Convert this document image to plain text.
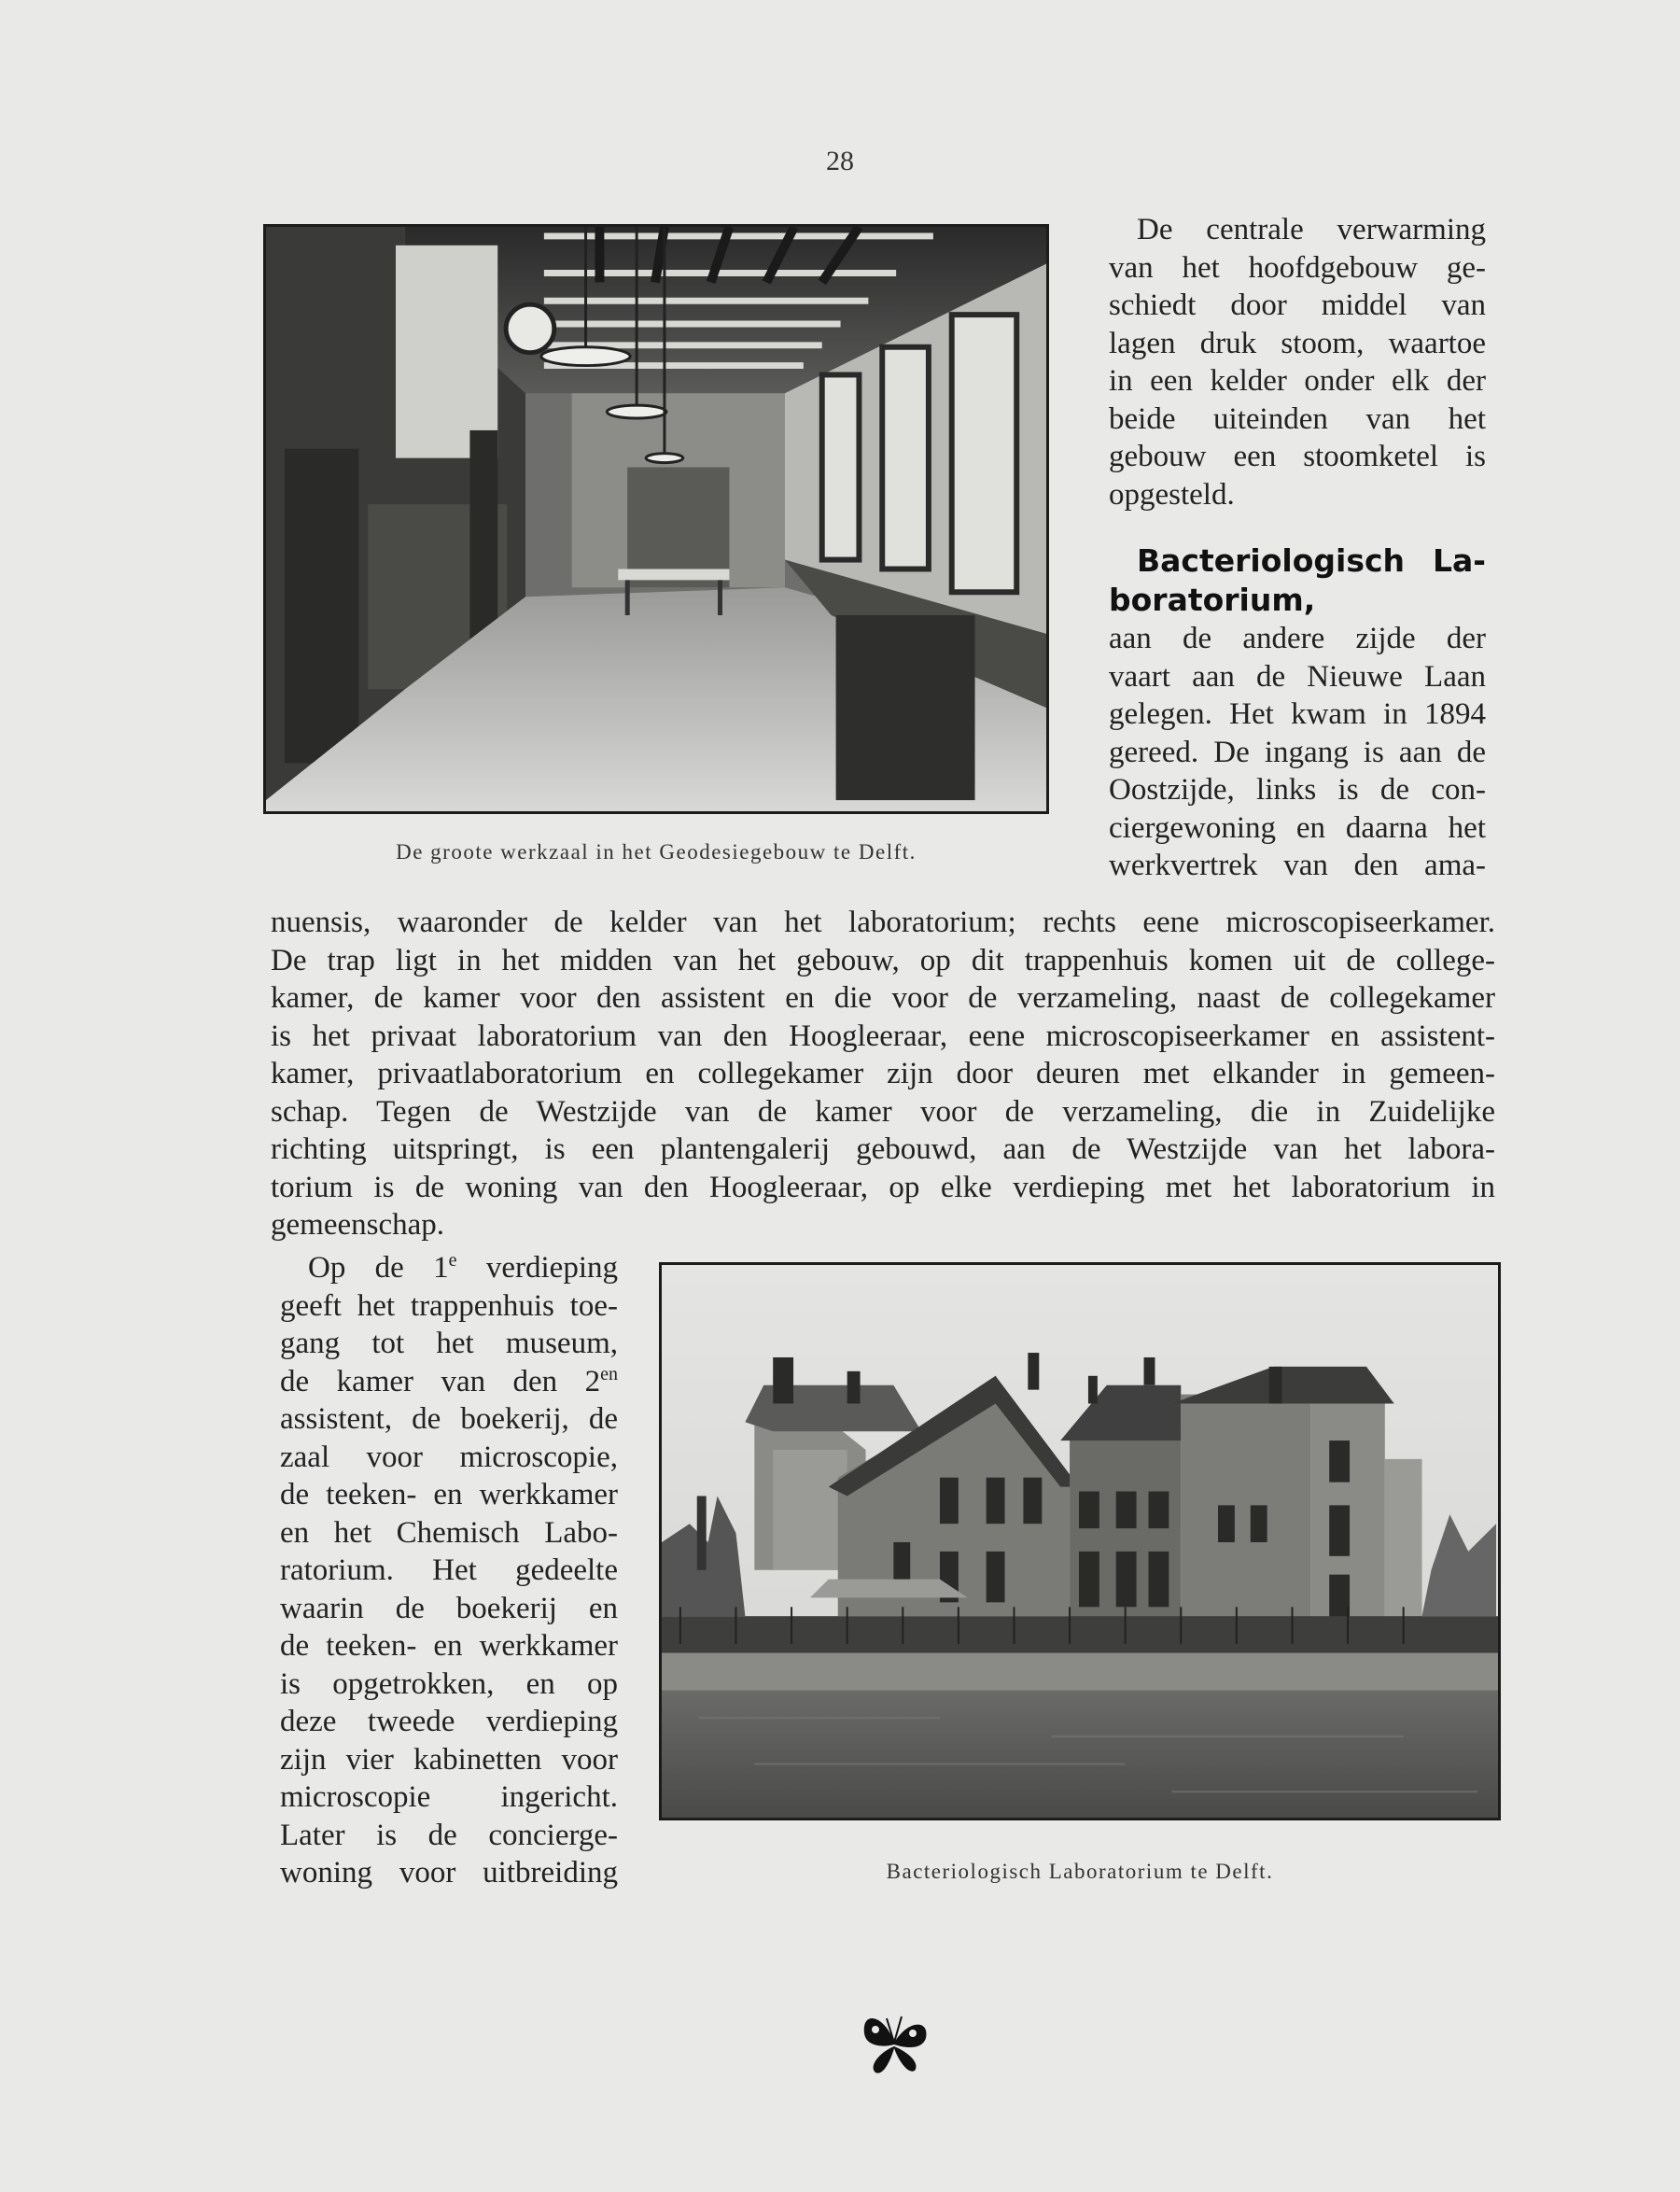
28
De groote werkzaal in het Geodesiegebouw te Delft.
De centrale verwarming
van het hoofdgebouw ge-
schiedt door middel van
lagen druk stoom, waartoe
in een kelder onder elk der
beide uiteinden van het
gebouw een stoomketel is
opgesteld.
Bacteriologisch La-
boratorium,
aan de andere zijde der
vaart aan de Nieuwe Laan
gelegen. Het kwam in 1894
gereed. De ingang is aan de
Oostzijde, links is de con-
ciergewoning en daarna het
werkvertrek van den ama-
nuensis, waaronder de kelder van het laboratorium; rechts eene microscopiseerkamer.
De trap ligt in het midden van het gebouw, op dit trappenhuis komen uit de college-
kamer, de kamer voor den assistent en die voor de verzameling, naast de collegekamer
is het privaat laboratorium van den Hoogleeraar, eene microscopiseerkamer en assistent-
kamer, privaatlaboratorium en collegekamer zijn door deuren met elkander in gemeen-
schap. Tegen de Westzijde van de kamer voor de verzameling, die in Zuidelijke
richting uitspringt, is een plantengalerij gebouwd, aan de Westzijde van het labora-
torium is de woning van den Hoogleeraar, op elke verdieping met het laboratorium in
gemeenschap.
Op de 1e verdieping
geeft het trappenhuis toe-
gang tot het museum,
de kamer van den $2^{en}$
assistent, de boekerij, de
zaal voor microscopie,
de teeken- en werkkamer
en het Chemisch Labo-
ratorium. Het gedeelte
waarin de boekerij en
de teeken- en werkkamer
is opgetrokken, en op
deze tweede verdieping
zijn vier kabinetten voor
microscopie ingericht.
Later is de concierge-
woning voor uitbreiding	Bacteriologisch Laboratorium te Delft.
